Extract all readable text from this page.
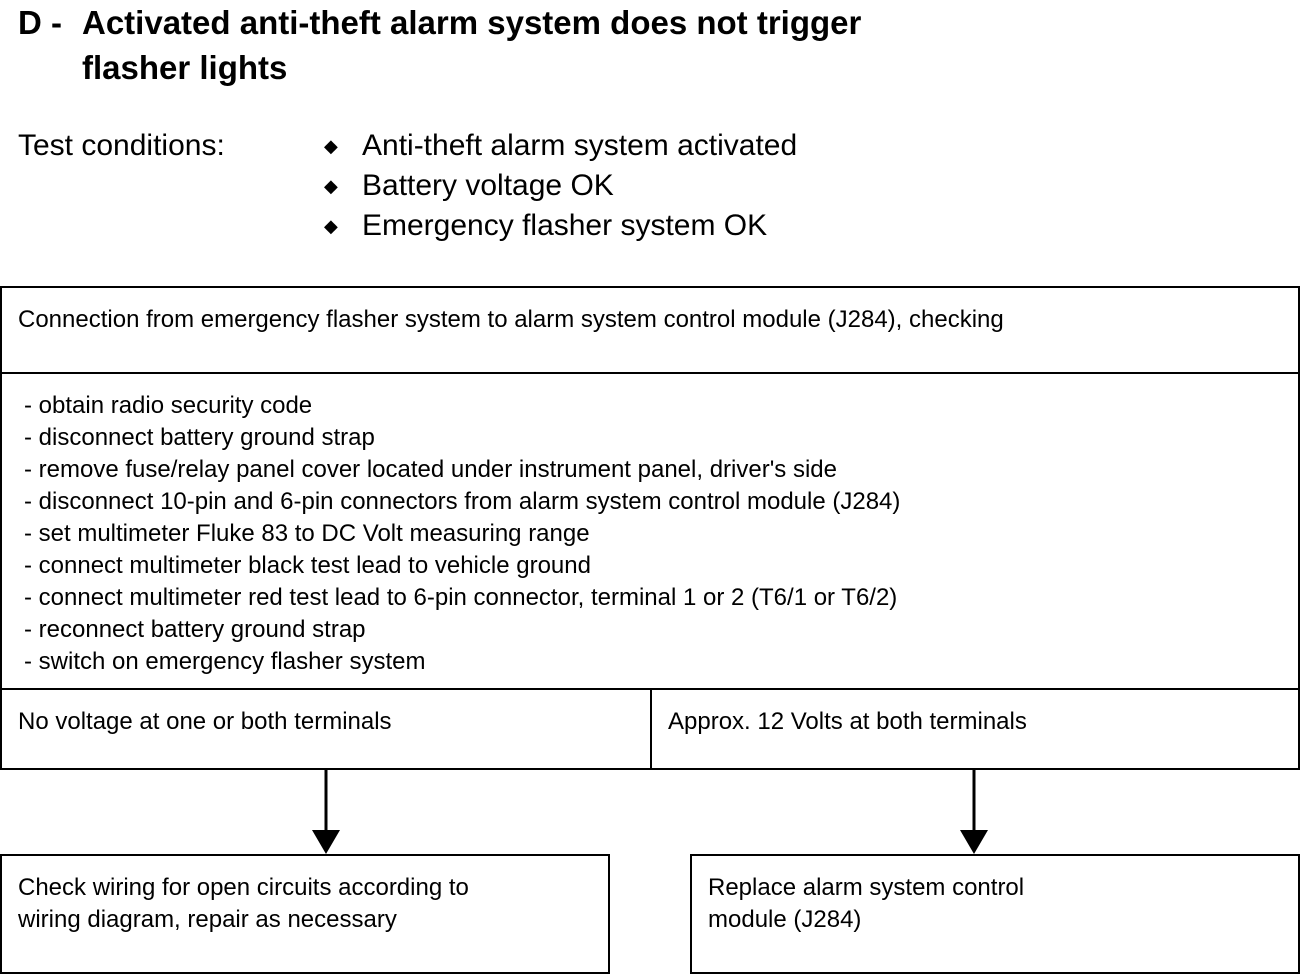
D - Activated anti-theft alarm system does not trigger
flasher lights
Test conditions:	◆ Anti-theft alarm system activated
◆ Battery voltage OK
◆ Emergency flasher system OK
Connection from emergency flasher system to alarm system control module (J284), checking
- obtain radio security code
- disconnect battery ground strap
- remove fuse/relay panel cover located under instrument panel, driver's side
- disconnect 10-pin and 6-pin connectors from alarm system control module (J284)
- set multimeter Fluke 83 to DC Volt measuring range
- connect multimeter black test lead to vehicle ground
- connect multimeter red test lead to 6-pin connector, terminal 1 or 2 (T6/1 or T6/2)
- reconnect battery ground strap
- switch on emergency flasher system
No voltage at one or both terminals	Approx. 12 Volts at both terminals
Check wiring for open circuits according to
wiring diagram, repair as necessary
Replace alarm system control
module (J284)
